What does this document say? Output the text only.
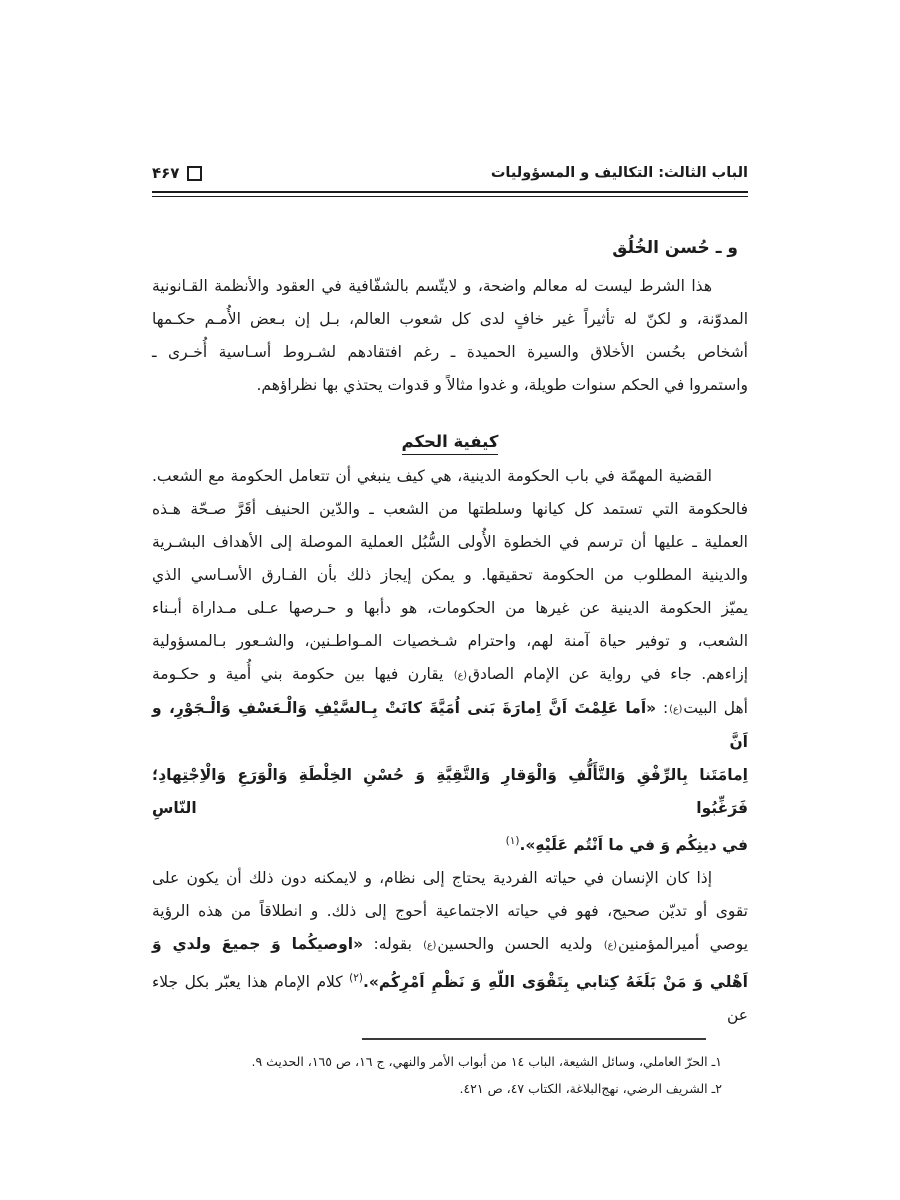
الباب الثالث: التكاليف و المسؤوليات
۴۶۷
و ـ حُسن الخُلُق
هذا الشرط ليست له معالم واضحة، و لايتّسم بالشفّافية في العقود والأنظمة القـانونية
المدوّنة، و لكنّ له تأثيراً غير خافٍ لدى كل شعوب العالم، بـل إن بـعض الأُمـم حكـمها
أشخاص بحُسن الأخلاق والسيرة الحميدة ـ رغم افتقادهم لشـروط أسـاسية أُخـرى ـ
واستمروا في الحكم سنوات طويلة، و غدوا مثالاً و قدوات يحتذي بها نظراؤهم.
كيفية الحكم
القضية المهمّة في باب الحكومة الدينية، هي كيف ينبغي أن تتعامل الحكومة مع الشعب.
فالحكومة التي تستمد كل كيانها وسلطتها من الشعب ـ والدّين الحنيف أقَرَّ صـحّة هـذه
العملية ـ عليها أن ترسم في الخطوة الأُولى السُّبُل العملية الموصلة إلى الأهداف البشـرية
والدينية المطلوب من الحكومة تحقيقها. و يمكن إيجاز ذلك بأن الفـارق الأسـاسي الذي
يميّز الحكومة الدينية عن غيرها من الحكومات، هو دأبها و حـرصها عـلى مـداراة أبـناء
الشعب، و توفير حياة آمنة لهم، واحترام شـخصيات المـواطـنين، والشـعور بـالمسؤولية
إزاءهم. جاء في رواية عن الإمام الصادق(ع) يقارن فيها بين حكومة بني أُمية و حكـومة
أهل البيت(ع): «اَما عَلِمْتَ اَنَّ اِمارَةَ بَنى اُمَيَّةَ كانَتْ بِـالسَّيْفِ وَالْـعَسْفِ وَالْـجَوْرِ، و اَنَّ
اِمامَتَنا بِالرِّفْقِ وَالتَّأَلُّفِ وَالْوَقارِ وَالتَّقِيَّةِ وَ حُسْنِ الخِلْطَةِ وَالْوَرَعِ وَالْاِجْتِهادِ؛ فَرَغِّبُوا النّاسِ
في دينِكُم وَ في ما اَنْتُم عَلَيْهِ».$^{(١)}$
إذا كان الإنسان في حياته الفردية يحتاج إلى نظام، و لايمكنه دون ذلك أن يكون على
تقوى أو تديّن صحيح، فهو في حياته الاجتماعية أحوج إلى ذلك. و انطلاقاً من هذه الرؤية
يوصي أميرالمؤمنين(ع) ولديه الحسن والحسين(ع) بقوله: «اوصيكُما وَ جميعَ ولدي وَ
اَهْلي وَ مَنْ بَلَغَهُ كِتابي بِتَقْوَى اللّهِ وَ نَظْمِ اَمْرِكُم».$^{(٢)}$ كلام الإمام هذا يعبّر بكل جلاء عن
١ـ الحرّ العاملي، وسائل الشيعة، الباب ١٤ من أبواب الأمر والنهي، ج ١٦، ص ١٦٥، الحديث ٩.
٢ـ الشريف الرضي، نهج‌البلاغة، الكتاب ٤٧، ص ٤٢١.
